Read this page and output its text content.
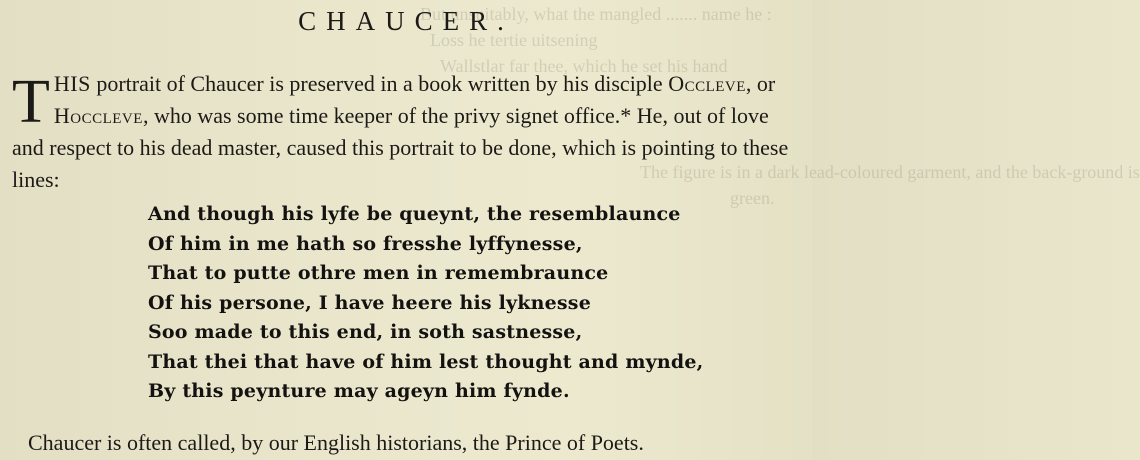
But unsuitably, what the mangled ....... name he :
Loss he tertie uitsening
Wallstlar far thee, which he set his hand
The figure is in a dark lead-coloured garment, and the back-ground is
green.
CHAUCER.
THIS portrait of Chaucer is preserved in a book written by his disciple Occleve, or Hoccleve, who was some time keeper of the privy signet office.* He, out of love and respect to his dead master, caused this portrait to be done, which is pointing to these lines:
And though his lyfe be queynt, the resemblaunce
Of him in me hath so fresshe lyffynesse,
That to putte othre men in remembraunce
Of his persone, I have heere his lyknesse
Soo made to this end, in soth sastnesse,
That thei that have of him lest thought and mynde,
By this peynture may ageyn him fynde.
Chaucer is often called, by our English historians, the Prince of Poets.
